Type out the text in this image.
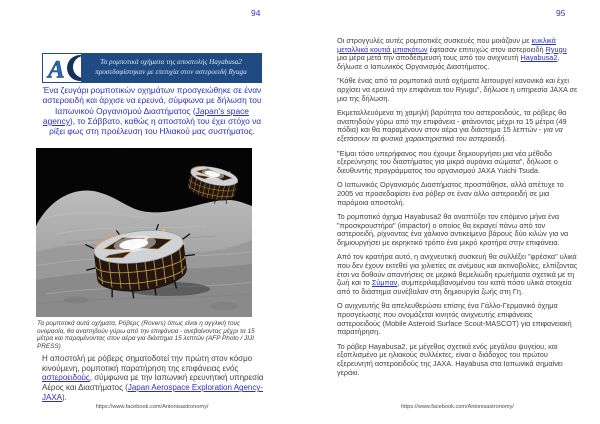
94
A	Τα ρομποτικά οχήματα της αποστολής Hayabusa2
προσεδαφίστηκαν με επιτυχία στον αστεροειδή Ryugu
Ένα ζευγάρι ρομποτικών οχημάτων προσγειώθηκε σε έναν αστεροειδή και άρχισε να ερευνά, σύμφωνα με δήλωση του Ιαπωνικού Οργανισμού Διαστήματος (Japan's space agency), το Σάββατο, καθώς η αποστολή του έχει στόχο να ρίξει φως στη προέλευση του Ηλιακού μας συστήματος.
Τα ρομποτικά αυτά οχήματα, Ρόβερς (Rovers) όπως είναι η αγγλική τους ονομασία, θα αναπηδούν γύρω από την επιφάνεια - ανεβαίνοντας μέχρι τα 15 μέτρα και παραμένοντας στον αέρα για διάστημα 15 λεπτών (AFP Photo / JIJI PRESS)
Η αποστολή με ρόβερς σηματοδοτεί την πρώτη στον κόσμο κινούμενη, ρομποτική παρατήρηση της επιφάνειας ενός αστεροειδούς, σύμφωνα με την Ιαπωνική ερευνητική υπηρεσία Αέρος και Διαστήματος (Japan Aerospace Exploration Agency-JAXA).
https://www.facebook.com/Antonisastronomy/
95

Οι στρογγυλές αυτές ρομποτικές συσκευές που μοιάζουν με κυκλικά μεταλλικά κουτιά μπισκότων έφτασαν επιτυχώς στον αστεροειδή Ryugu μια μέρα μετά την αποδέσμευσή τους από τον ανιχνευτή Hayabusa2, δήλωσε ο Ιαπωνικός Οργανισμός Διαστήματος.

"Κάθε ένας από τα ρομποτικά αυτά οχήματα λειτουργεί κανονικά και έχει αρχίσει να ερευνά την επιφάνεια του Ryugu", δήλωσε η υπηρεσία JAXA σε μια της δήλωση.

Εκμεταλλευόμενα τη χαμηλή βαρύτητα του αστεροειδούς, τα ρόβερς θα αναπηδούν γύρω από την επιφάνεια - φτάνοντας μέχρι τα 15 μέτρα (49 πόδια) και θα παραμένουν στον αέρα για διάστημα 15 λεπτών - για να εξετάσουν τα φυσικά χαρακτηριστικά του αστεροειδή.

"Είμαι τόσο υπερήφανος που έχουμε δημιουργήσει μια νέα μέθοδο εξερεύνησης του διαστήματος για μικρά ουράνια σώματα", δήλωσε ο διευθυντής προγράμματος του οργανισμού JAXA Yuichi Tsuda.

Ο Ιαπωνικός Οργανισμός Διαστήματος προσπάθησε, αλλά απέτυχε το 2005 να προσεδαφίσει ένα ρόβερ σε έναν άλλο αστεροειδή σε μια παρόμοια αποστολή.

Το ρομποτικό όχημα Hayabusa2 θα αναπτύξει τον επόμενο μήνα ένα "προσκρουστήρα" (impactor) ο οποίος θα εκραγεί πάνω από τον αστεροειδή, ρίχνοντας ένα χάλκινο αντικείμενο βάρους δύο κιλών για να δημιουργήσει με εκρηκτικό τρόπο ένα μικρό κρατήρα στην επιφάνεια.

Από τον κρατήρα αυτό, η ανιχνευτική συσκευή θα συλλέξει "φρέσκα" υλικά που δεν έχουν εκτεθεί για χιλιετίες σε ανέμους και ακτινοβολίες, ελπίζοντας έτσι να δοθούν απαντήσεις σε μερικά θεμελιώδη ερωτήματα σχετικά με τη ζωή και το Σύμπαν, συμπεριλαμβανομένου του κατά πόσο υλικά στοιχεία από το διάστημα συνέβαλαν στη δημιουργία ζωής στη Γη.

Ο ανιχνευτής θα απελευθερώσει επίσης ένα Γάλλο-Γερμανικό όχημα προσγείωσης που ονομάζεται κινητός ανιχνευτής επιφάνειας αστεροειδούς (Mobile Asteroid Surface Scout-MASCOT) για επιφανειακή παρατήρηση.

Το ρόβερ Hayabusa2, με μέγεθος σχετικά ενός μεγάλου ψυγείου, και εξοπλισμένο με ηλιακούς συλλέκτες, είναι ο διάδοχος του πρώτου εξερευνητή αστεροειδούς της JAXA. Hayabusa στα Ιαπωνικά σημαίνει γεράκι.

https://www.facebook.com/Antonisastronomy/
